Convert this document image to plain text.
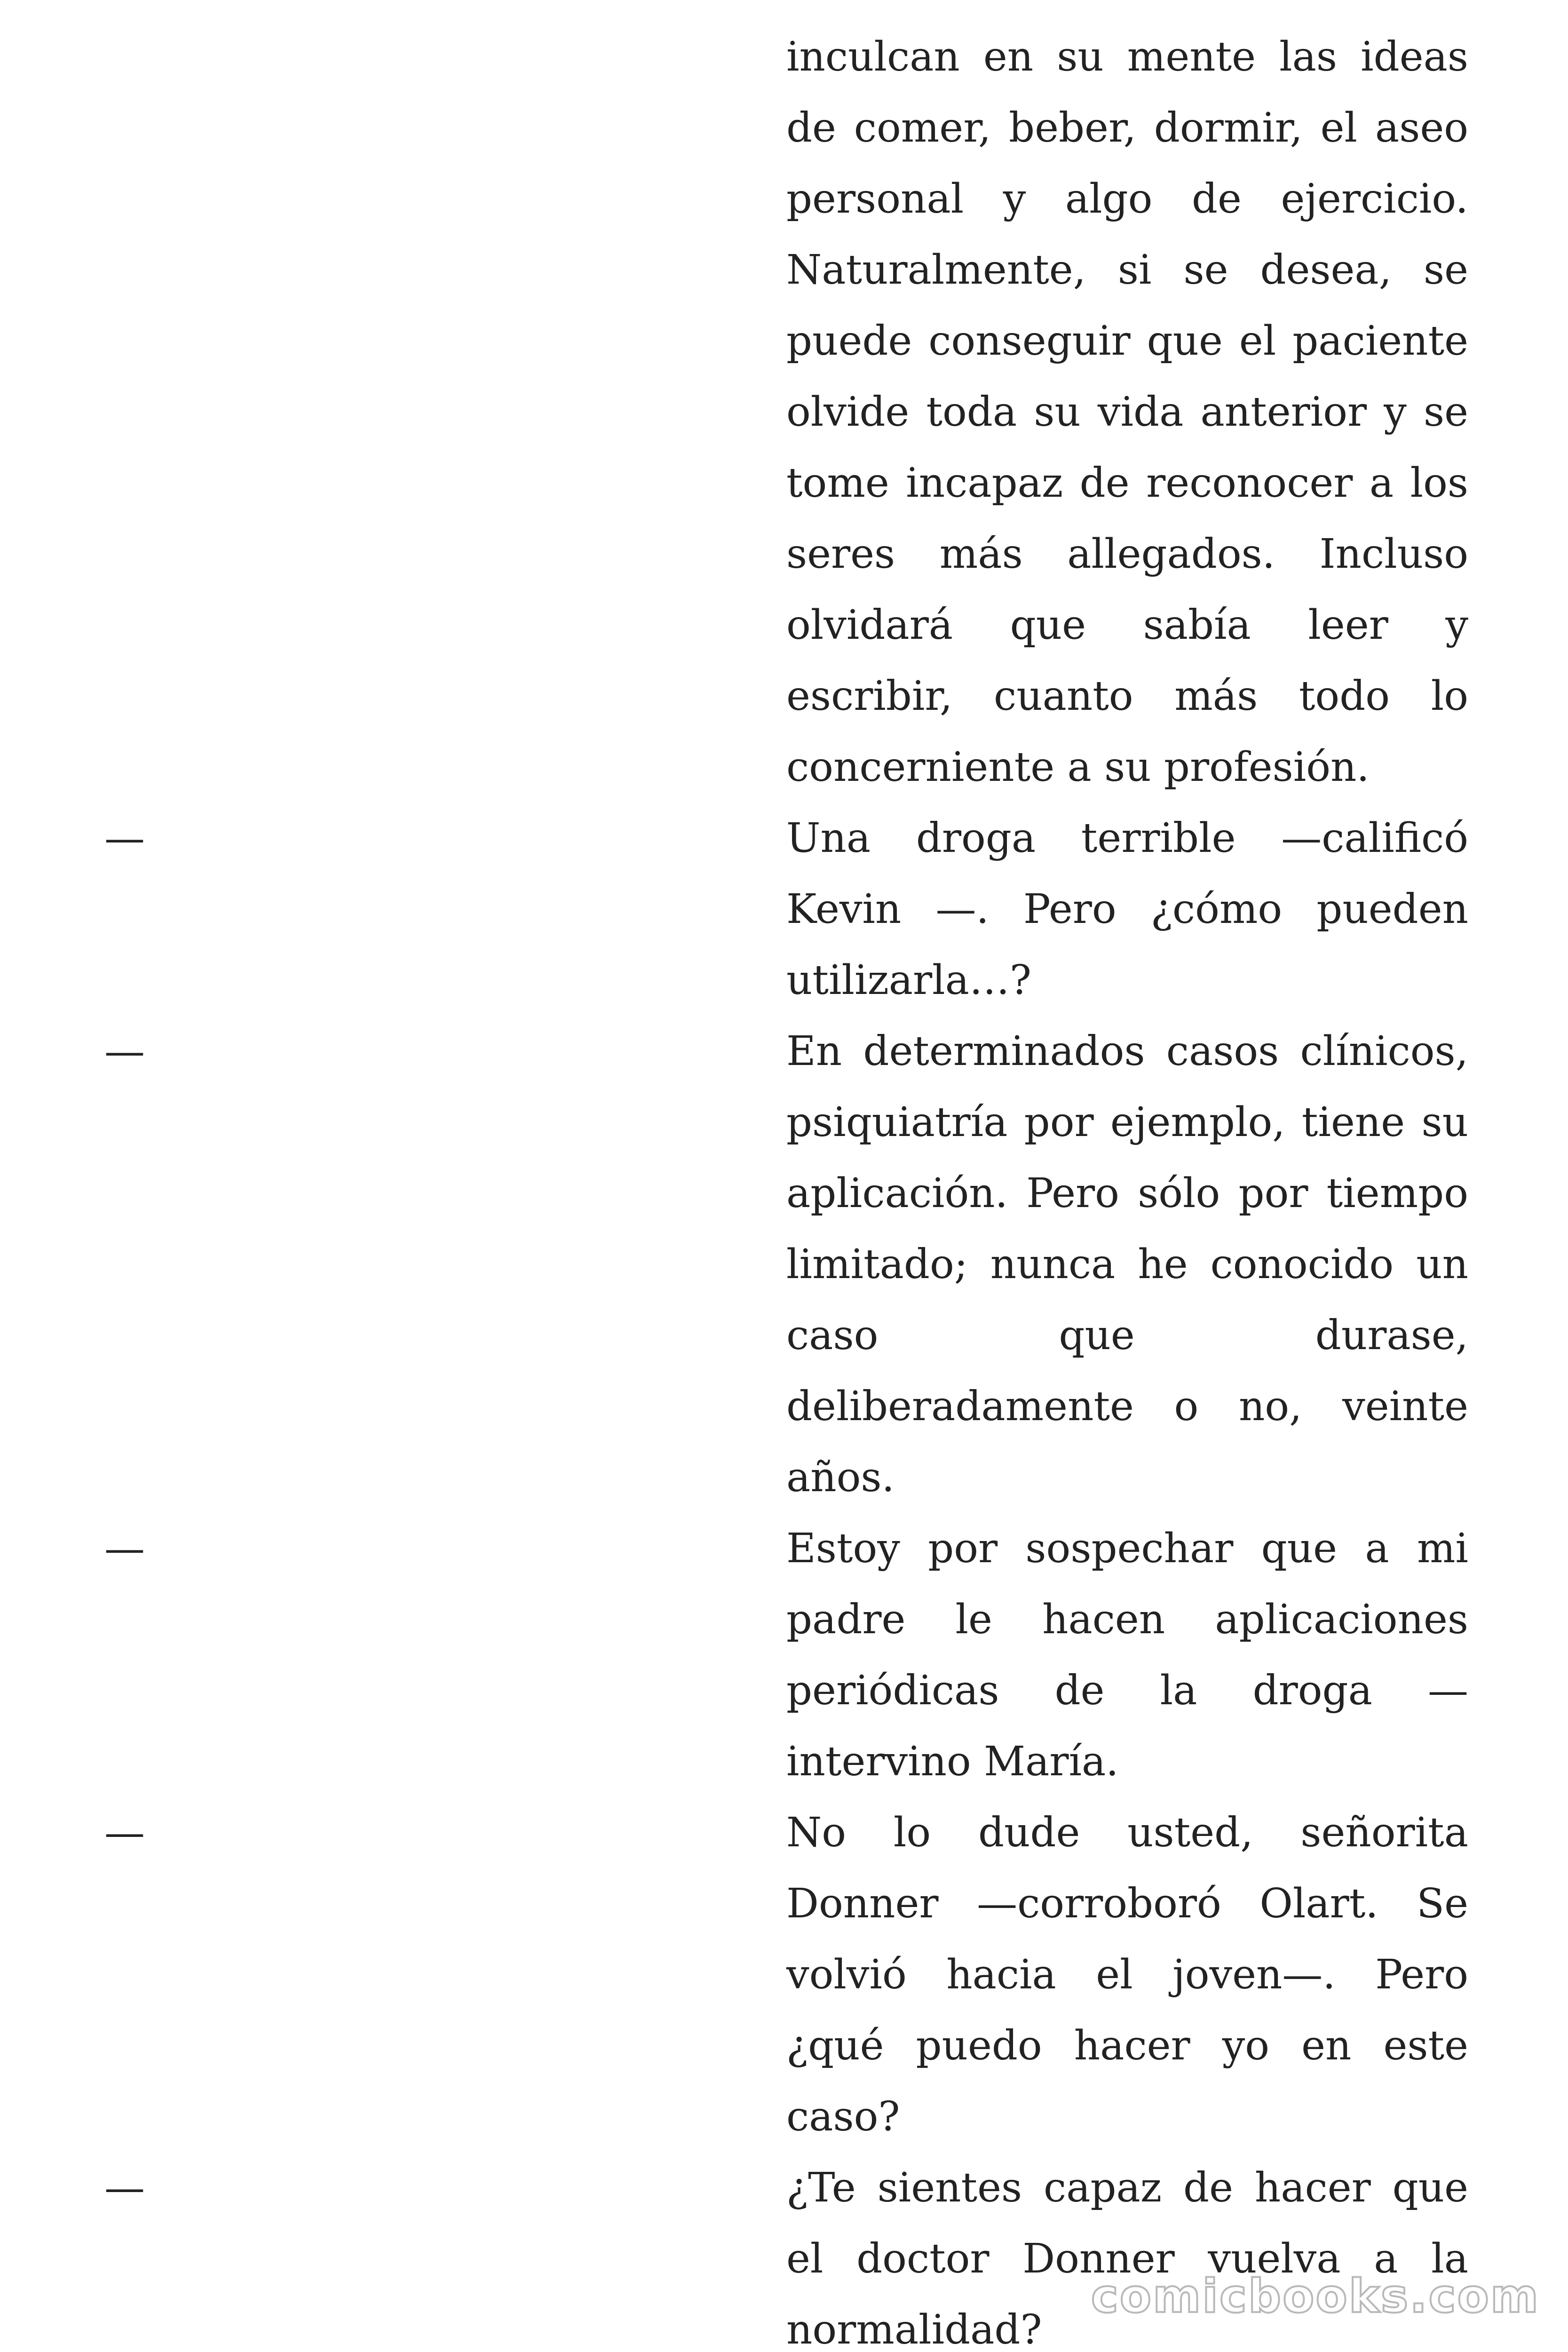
inculcan en su mente las ideas de comer, beber, dormir, el aseo personal y algo de ejercicio. Naturalmente, si se desea, se puede conseguir que el paciente olvide toda su vida anterior y se tome incapaz de reconocer a los seres más allegados. Incluso olvidará que sabía leer y escribir, cuanto más todo lo concerniente a su profesión.

—	Una droga terrible —calificó Kevin —. Pero ¿cómo pueden utilizarla…?

—	En determinados casos clínicos, psiquiatría por ejemplo, tiene su aplicación. Pero sólo por tiempo limitado; nunca he conocido un caso que durase, deliberadamente o no, veinte años.

—	Estoy por sospechar que a mi padre le hacen aplicaciones periódicas de la droga —intervino María.

—	No lo dude usted, señorita Donner —corroboró Olart. Se volvió hacia el joven—. Pero ¿qué puedo hacer yo en este caso?

—	¿Te sientes capaz de hacer que el doctor Donner vuelva a la normalidad?

comicbooks.com
